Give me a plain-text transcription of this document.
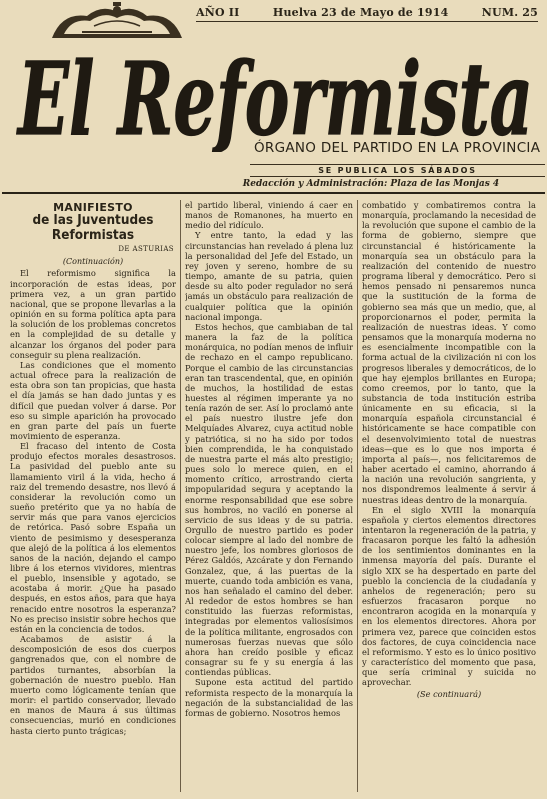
AÑO II	Huelva 23 de Mayo de 1914	NUM. 25
El Reformista
ÓRGANO DEL PARTIDO EN LA PROVINCIA
SE PUBLICA LOS SÁBADOS
Redacción y Administración: Plaza de las Monjas 4
MANIFIESTO
de las Juventudes Reformistas
DE ASTURIAS
(Continuación)

El reformismo significa la incorporación de estas ideas, por primera vez, a un gran partido nacional, que se propone llevarlas a la opinión en su forma política apta para la solución de los problemas concretos en la complejidad de su detalle y alcanzar los órganos del poder para conseguir su plena realización.

Las condiciones que el momento actual ofrece para la realización de esta obra son tan propicias, que hasta el día jamás se han dado juntas y es difícil que puedan volver á darse. Por eso su simple aparición ha provocado en gran parte del país un fuerte movimiento de esperanza.

El fracaso del intento de Costa produjo efectos morales desastrosos. La pasividad del pueblo ante su llamamiento viril á la vida, hecho á raiz del tremendo desastre, nos llevó á considerar la revolución como un sueño pretérito que ya no había de servir más que para vanos ejercicios de retórica. Pasó sobre España un viento de pesimismo y desesperanza que alejó de la política á los elementos sanos de la nación, dejando el campo libre á los eternos vividores, mientras el pueblo, insensible y agotado, se acostaba á morir. ¿Que ha pasado después, en estos años, para que haya renacido entre nosotros la esperanza? No es preciso insistir sobre hechos que están en la conciencia de todos.

Acabamos de asistir á la descomposición de esos dos cuerpos gangrenados que, con el nombre de partidos turnantes, absorbían la gobernación de nuestro pueblo. Han muerto como lógicamente tenían que morir: el partido conservador, llevado en manos de Maura á sus últimas consecuencias, murió en condiciones hasta cierto punto trágicas;

el partido liberal, viniendo á caer en manos de Romanones, ha muerto en medio del ridículo.

Y entre tanto, la edad y las circunstancias han revelado á plena luz la personalidad del Jefe del Estado, un rey joven y sereno, hombre de su tiempo, amante de su patria, quien desde su alto poder regulador no será jamás un obstáculo para realización de cualquier política que la opinión nacional imponga.

Estos hechos, que cambiaban de tal manera la faz de la política monárquica, no podían menos de influir de rechazo en el campo republicano. Porque el cambio de las circunstancias eran tan trascendental, que, en opinión de muchos, la hostilidad de estas huestes al régimen imperante ya no tenía razón de ser. Así lo proclamó ante el país nuestro ilustre jefe don Melquíades Alvarez, cuya actitud noble y patriótica, si no ha sido por todos bien comprendida, le ha conquistado de nuestra parte el más alto prestigio; pues solo lo merece quien, en el momento crítico, arrostrando cierta impopularidad segura y aceptando la enorme responsabilidad que ese sobre sus hombros, no vaciló en ponerse al servicio de sus ideas y de su patria. Orgullo de nuestro partido es poder colocar siempre al lado del nombre de nuestro jefe, los nombres gloriosos de Pérez Galdós, Azcárate y don Fernando Gonzalez, que, á las puertas de la muerte, cuando toda ambición es vana, nos han señalado el camino del deber. Al rededor de estos hombres se han constituido las fuerzas reformistas, integradas por elementos valiosísimos de la política militante, engrosados con numerosas fuerzas nuevas que sólo ahora han creído posible y eficaz consagrar su fe y su energía á las contiendas públicas.

Supone esta actitud del partido reformista respecto de la monarquía la negación de la substancialidad de las formas de gobierno. Nosotros hemos

combatido y combatiremos contra la monarquía, proclamando la necesidad de la revolución que supone el cambio de la forma de gobierno, siempre que circunstancial é históricamente la monarquía sea un obstáculo para la realización del contenido de nuestro programa liberal y democrático. Pero si hemos pensado ni pensaremos nunca que la sustitución de la forma de gobierno sea más que un medio, que, al proporcionarnos el poder, permita la realización de nuestras ideas. Y como pensamos que la monarquía moderna no es esencialmente incompatible con la forma actual de la civilización ni con los progresos liberales y democráticos, de lo que hay ejemplos brillantes en Europa; como creemos, por lo tanto, que la substancia de toda institución estriba únicamente en su eficacia, si la monarquía española circunstancial é históricamente se hace compatible con el desenvolvimiento total de nuestras ideas—que es lo que nos importa é importa al país—, nos felicitaremos de haber acertado el camino, ahorrando á la nación una revolución sangrienta, y nos dispondremos lealmente á servir á nuestras ideas dentro de la monarquía.

En el siglo XVIII la monarquía española y ciertos elementos directores intentaron la regeneración de la patria, y fracasaron porque les faltó la adhesión de los sentimientos dominantes en la inmensa mayoría del país. Durante el siglo XIX se ha despertado en parte del pueblo la conciencia de la ciudadanía y anhelos de regeneración; pero su esfuerzos fracasaron porque no encontraron acogida en la monarquía y en los elementos directores. Ahora por primera vez, parece que coinciden estos dos factores, de cuya coincidencia nace el reformismo. Y esto es lo único positivo y característico del momento que pasa, que sería criminal y suicida no aprovechar.

(Se continuará)
